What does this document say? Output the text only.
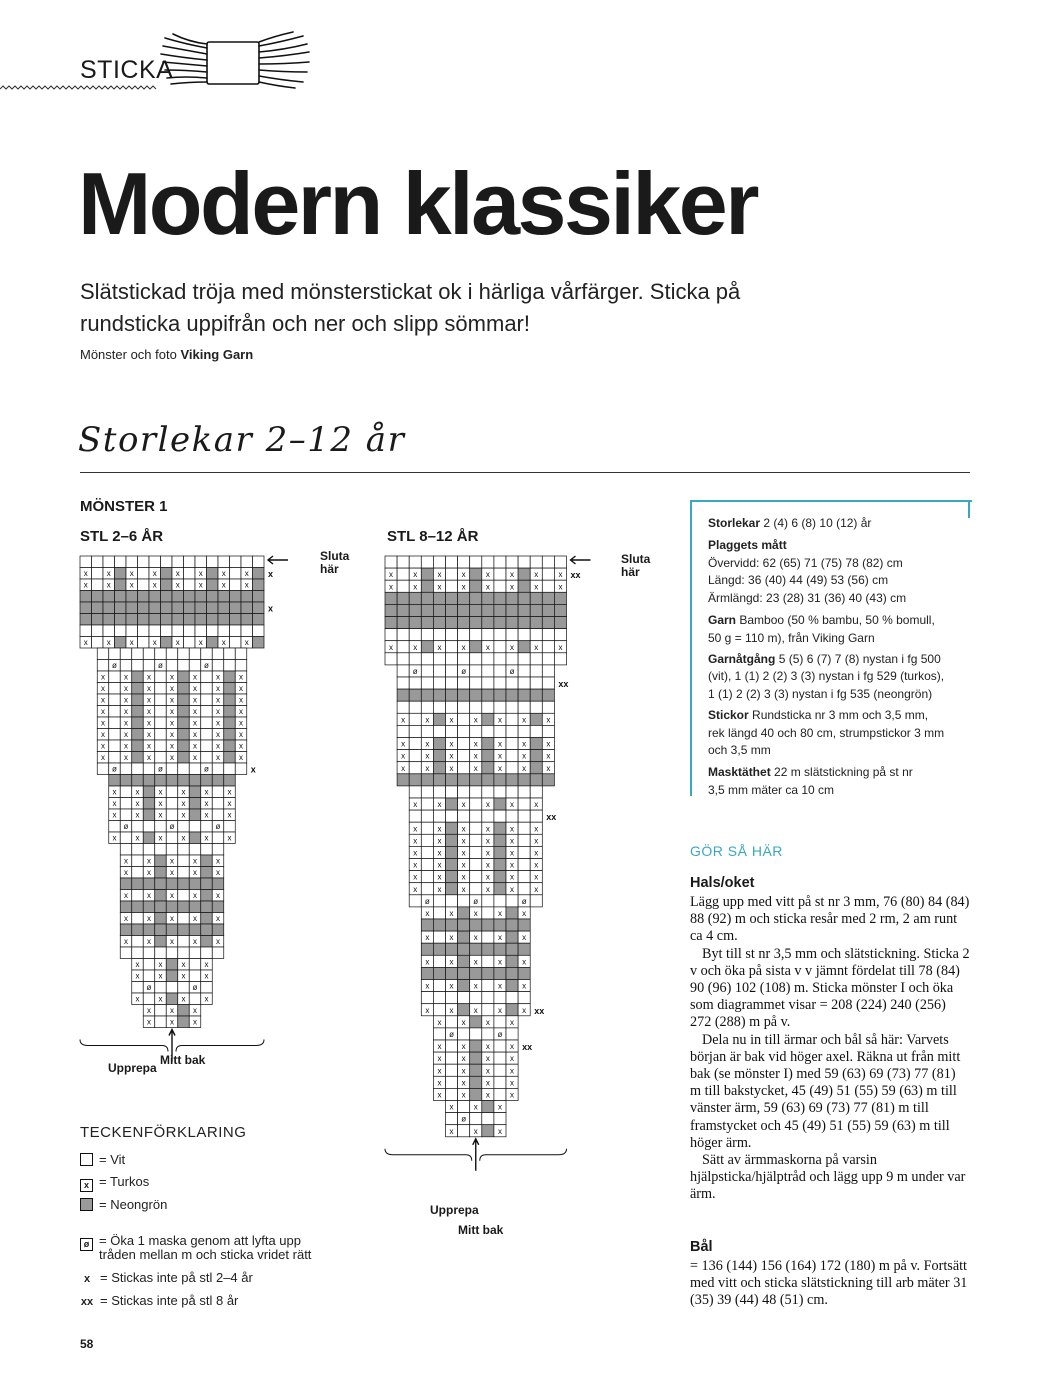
STICKA
Modern klassiker
Slätstickad tröja med mönsterstickat ok i härliga vårfärger. Sticka på rundsticka uppifrån och ner och slipp sömmar!
Mönster och foto Viking Garn
Storlekar 2–12 år
MÖNSTER 1
STL 2–6 ÅR	STL 8–12 ÅR
x x x x x x x x
x x x x x x x x
x x x x x x x x
ø	ø	ø
x x x x x x x
x x x x x x x
x x x x x x x
x x x x x x x
x x x x x x x
x x x x x x x
x x x x x x x
x x x x x x x
ø	ø	ø
x x x x x x
x x x x x x
x x x x x x
ø	ø	ø
x x x x x x
x x x x x
x x x x x
x x x x x
x x x x x
x x x x x
x x x x
x x x x
ø	ø
x x x x
x x x
x x x
x
x
x
Sluta
här
Mitt bak
Upprepa
x	x	x	x	x	x	x	x
x	x	x	x	x	x	x	x
x	x	x	x	x	x	x	x
ø	ø	ø
x	x	x	x	x	x	x
x	x	x	x	x	x	x
x	x	x	x	x	x	x
x	x	x	x	x	x	x
x	x	x	x	x	x
x	x	x	x	x	x
x	x	x	x	x	x
x	x	x	x	x	x
x	x	x	x	x	x
x	x	x	x	x	x
x	x	x	x	x	x
ø	ø	ø
x	x	x	x	x
x	x	x	x	x
x	x	x	x	x
x	x	x	x	x
x	x	x	x	x
x	x	x	x
ø	ø
x	x	x	x
x	x	x	x
x	x	x	x
x	x	x	x
x	x	x	x
x	x	x
ø
x	x	x
xx
xx
xx
xx
xx
Sluta
här
Upprepa
Mitt bak
TECKENFÖRKLARING
= Vit
x = Turkos
= Neongrön
ø = Öka 1 maska genom att lyfta upp
tråden mellan m och sticka vridet rätt
x = Stickas inte på stl 2–4 år
xx = Stickas inte på stl 8 år
58
Storlekar 2 (4) 6 (8) 10 (12) år
Plaggets mått
Övervidd: 62 (65) 71 (75) 78 (82) cm
Längd: 36 (40) 44 (49) 53 (56) cm
Ärmlängd: 23 (28) 31 (36) 40 (43) cm
Garn Bamboo (50 % bambu, 50 % bomull,
50 g = 110 m), från Viking Garn
Garnåtgång 5 (5) 6 (7) 7 (8) nystan i fg 500
(vit), 1 (1) 2 (2) 3 (3) nystan i fg 529 (turkos),
1 (1) 2 (2) 3 (3) nystan i fg 535 (neongrön)
Stickor Rundsticka nr 3 mm och 3,5 mm,
rek längd 40 och 80 cm, strumpstickor 3 mm
och 3,5 mm
Masktäthet 22 m slätstickning på st nr
3,5 mm mäter ca 10 cm
GÖR SÅ HÄR
Hals/oket

Lägg upp med vitt på st nr 3 mm, 76 (80) 84 (84) 88 (92) m och sticka resår med 2 rm, 2 am runt ca 4 cm.

Byt till st nr 3,5 mm och slätstickning. Sticka 2 v och öka på sista v v jämnt fördelat till 78 (84) 90 (96) 102 (108) m. Sticka mönster I och öka som diagrammet visar = 208 (224) 240 (256) 272 (288) m på v.

Dela nu in till ärmar och bål så här: Varvets början är bak vid höger axel. Räkna ut från mitt bak (se mönster I) med 59 (63) 69 (73) 77 (81) m till bakstycket, 45 (49) 51 (55) 59 (63) m till vänster ärm, 59 (63) 69 (73) 77 (81) m till framstycket och 45 (49) 51 (55) 59 (63) m till höger ärm.

Sätt av ärmmaskorna på varsin hjälpsticka/hjälptråd och lägg upp 9 m under var ärm.

Bål

= 136 (144) 156 (164) 172 (180) m på v. Fortsätt med vitt och sticka slätstickning till arb mäter 31 (35) 39 (44) 48 (51) cm.
